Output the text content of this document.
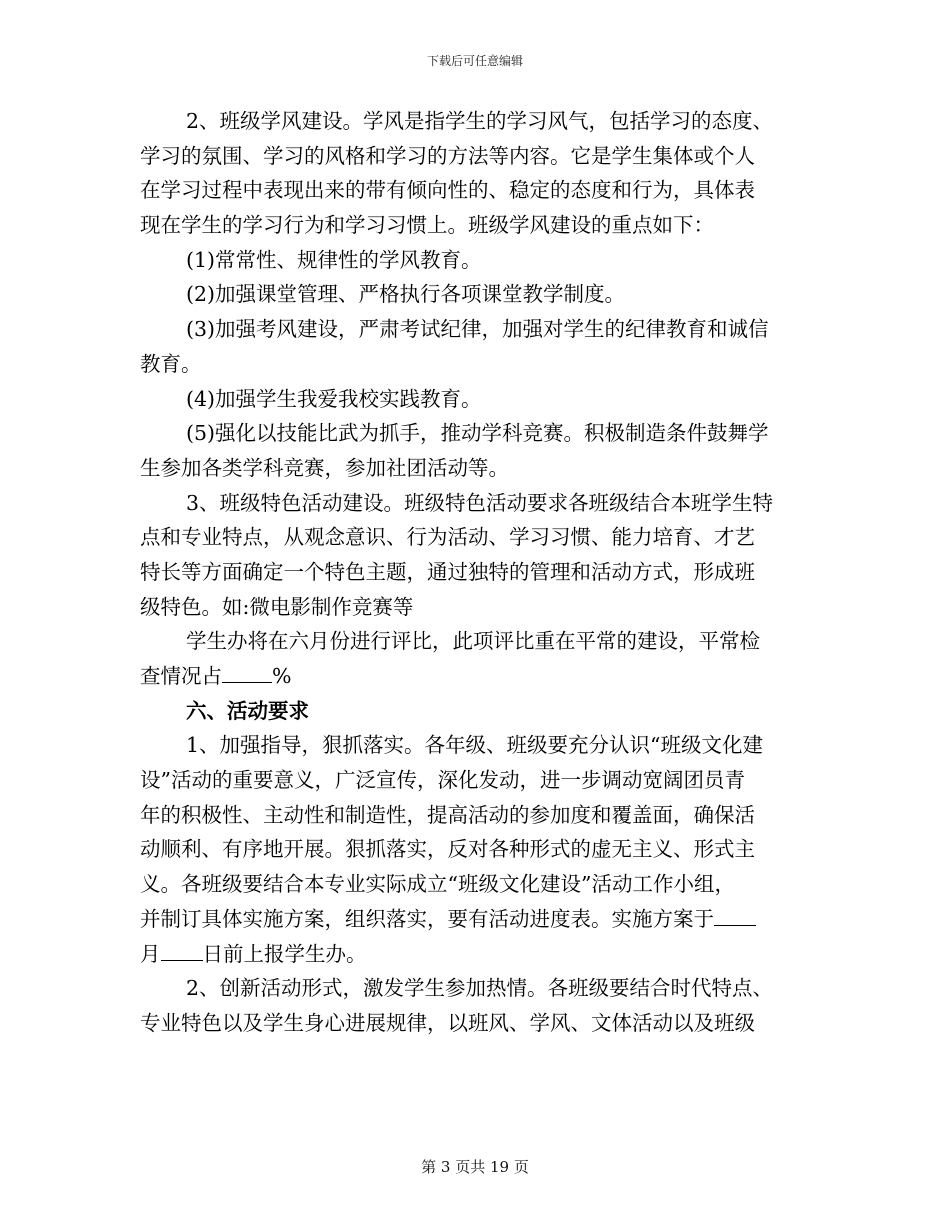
下载后可任意编辑
2、班级学风建设。学风是指学生的学习风气，包括学习的态度、
学习的氛围、学习的风格和学习的方法等内容。它是学生集体或个人
在学习过程中表现出来的带有倾向性的、稳定的态度和行为，具体表
现在学生的学习行为和学习习惯上。班级学风建设的重点如下：
(1)常常性、规律性的学风教育。
(2)加强课堂管理、严格执行各项课堂教学制度。
(3)加强考风建设，严肃考试纪律，加强对学生的纪律教育和诚信
教育。
(4)加强学生我爱我校实践教育。
(5)强化以技能比武为抓手，推动学科竞赛。积极制造条件鼓舞学
生参加各类学科竞赛，参加社团活动等。
3、班级特色活动建设。班级特色活动要求各班级结合本班学生特
点和专业特点，从观念意识、行为活动、学习习惯、能力培育、才艺
特长等方面确定一个特色主题，通过独特的管理和活动方式，形成班
级特色。如:微电影制作竞赛等
学生办将在六月份进行评比，此项评比重在平常的建设，平常检
查情况占 %
六、活动要求
1、加强指导，狠抓落实。各年级、班级要充分认识“班级文化建
设”活动的重要意义，广泛宣传，深化发动，进一步调动宽阔团员青
年的积极性、主动性和制造性，提高活动的参加度和覆盖面，确保活
动顺利、有序地开展。狠抓落实，反对各种形式的虚无主义、形式主
义。各班级要结合本专业实际成立“班级文化建设”活动工作小组，
并制订具体实施方案，组织落实，要有活动进度表。实施方案于
月 日前上报学生办。
2、创新活动形式，激发学生参加热情。各班级要结合时代特点、
专业特色以及学生身心进展规律，以班风、学风、文体活动以及班级
第 3 页共 19 页
